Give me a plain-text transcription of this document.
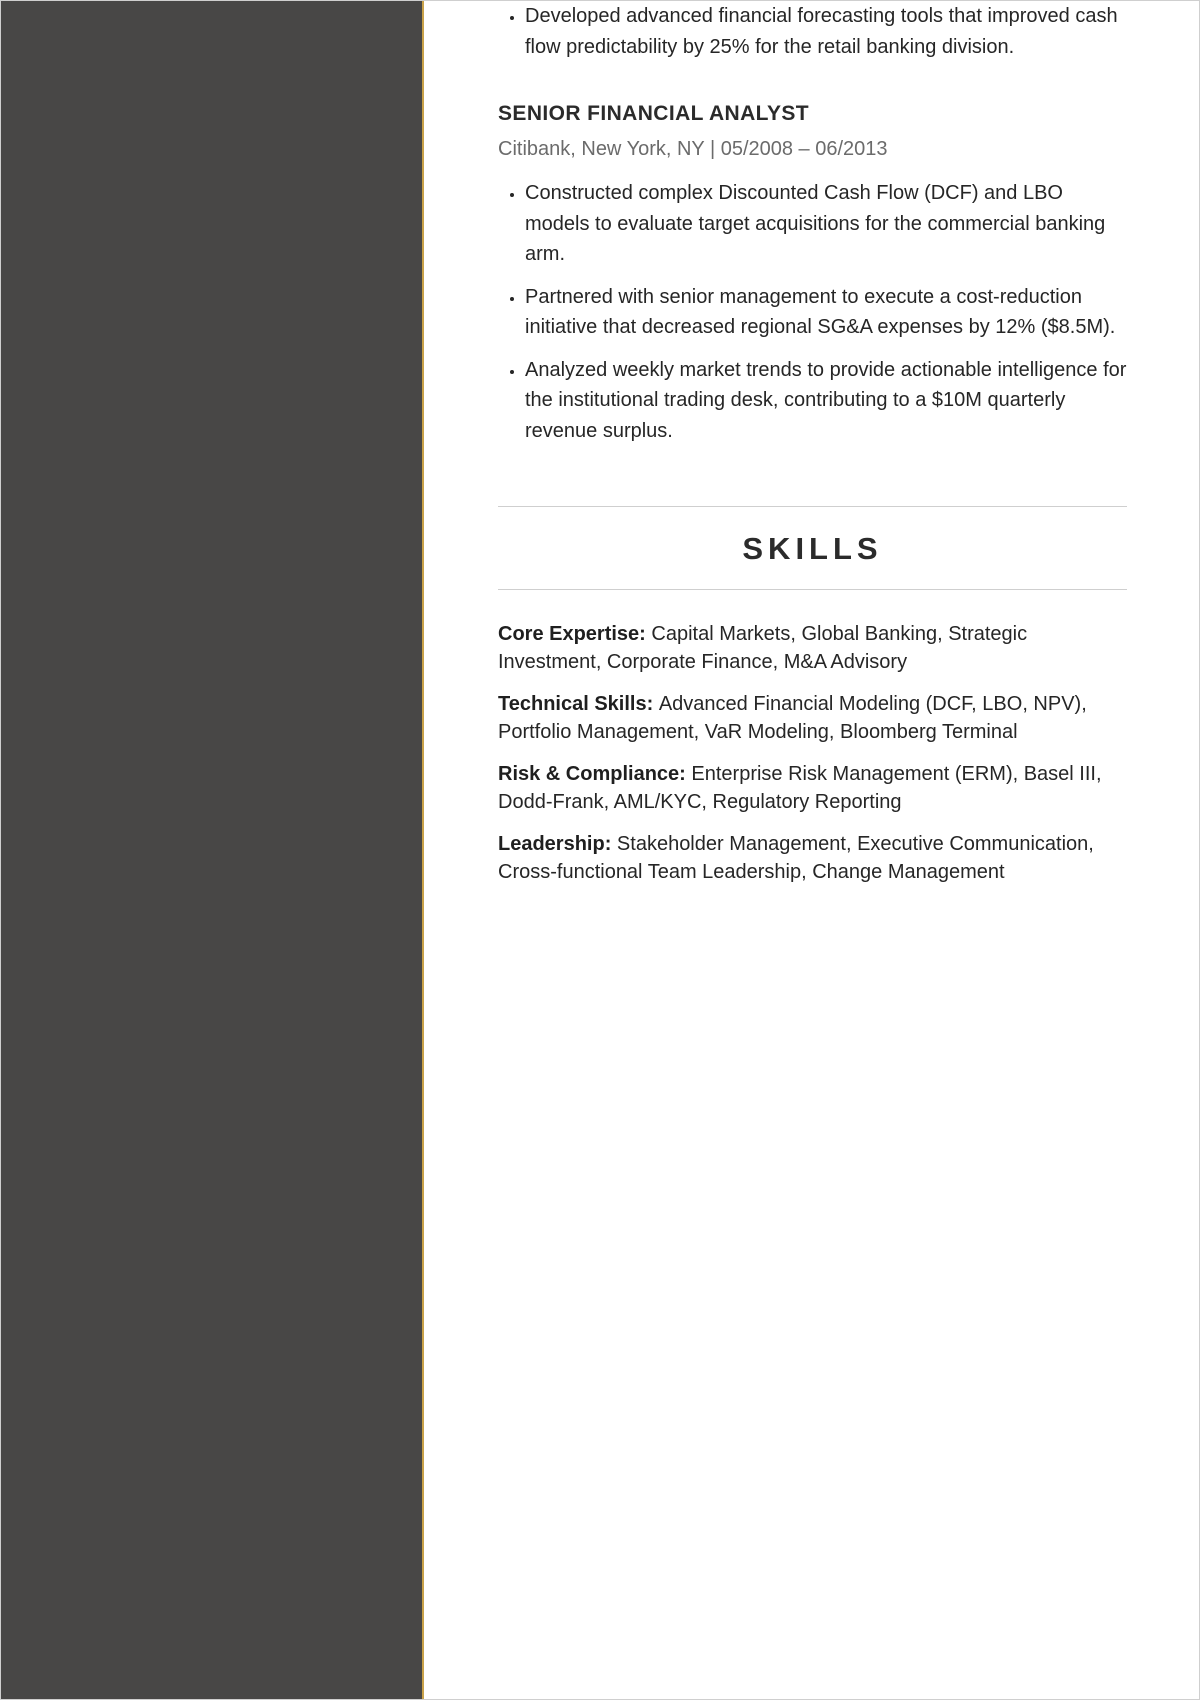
• Developed advanced financial forecasting tools that improved cash flow predictability by 25% for the retail banking division.
SENIOR FINANCIAL ANALYST
Citibank, New York, NY | 05/2008 – 06/2013
• Constructed complex Discounted Cash Flow (DCF) and LBO models to evaluate target acquisitions for the commercial banking arm.
• Partnered with senior management to execute a cost-reduction initiative that decreased regional SG&A expenses by 12% ($8.5M).
• Analyzed weekly market trends to provide actionable intelligence for the institutional trading desk, contributing to a $10M quarterly revenue surplus.
SKILLS
Core Expertise: Capital Markets, Global Banking, Strategic Investment, Corporate Finance, M&A Advisory
Technical Skills: Advanced Financial Modeling (DCF, LBO, NPV), Portfolio Management, VaR Modeling, Bloomberg Terminal
Risk & Compliance: Enterprise Risk Management (ERM), Basel III, Dodd-Frank, AML/KYC, Regulatory Reporting
Leadership: Stakeholder Management, Executive Communication, Cross-functional Team Leadership, Change Management
